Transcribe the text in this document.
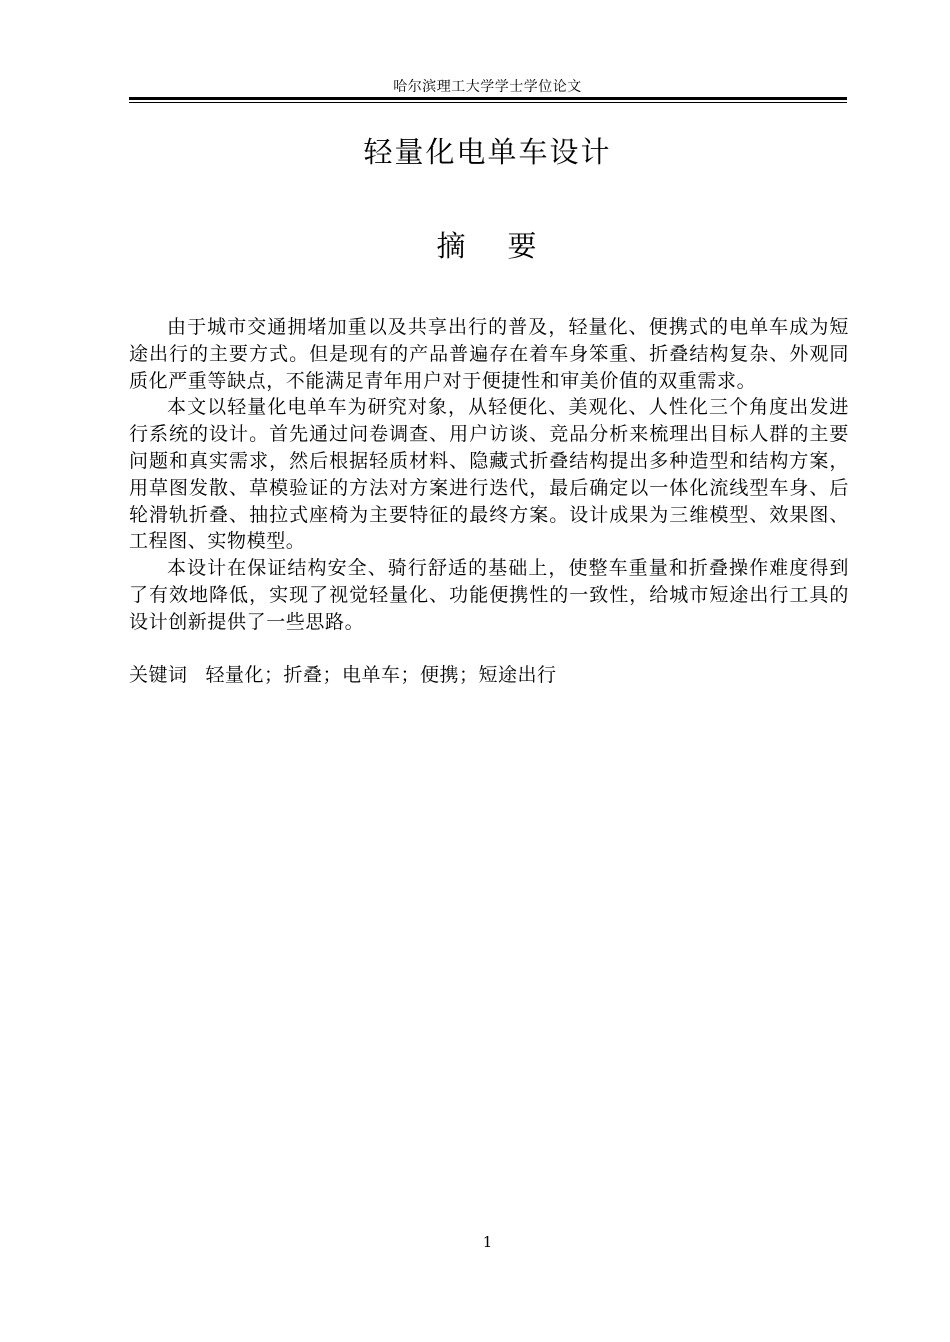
哈尔滨理工大学学士学位论文
轻量化电单车设计
摘 要

由于城市交通拥堵加重以及共享出行的普及，轻量化、便携式的电单车成为短途出行的主要方式。但是现有的产品普遍存在着车身笨重、折叠结构复杂、外观同质化严重等缺点，不能满足青年用户对于便捷性和审美价值的双重需求。

本文以轻量化电单车为研究对象，从轻便化、美观化、人性化三个角度出发进行系统的设计。首先通过问卷调查、用户访谈、竞品分析来梳理出目标人群的主要问题和真实需求，然后根据轻质材料、隐藏式折叠结构提出多种造型和结构方案，用草图发散、草模验证的方法对方案进行迭代，最后确定以一体化流线型车身、后轮滑轨折叠、抽拉式座椅为主要特征的最终方案。设计成果为三维模型、效果图、工程图、实物模型。

本设计在保证结构安全、骑行舒适的基础上，使整车重量和折叠操作难度得到了有效地降低，实现了视觉轻量化、功能便携性的一致性，给城市短途出行工具的设计创新提供了一些思路。

关键词 轻量化；折叠；电单车；便携；短途出行
1
